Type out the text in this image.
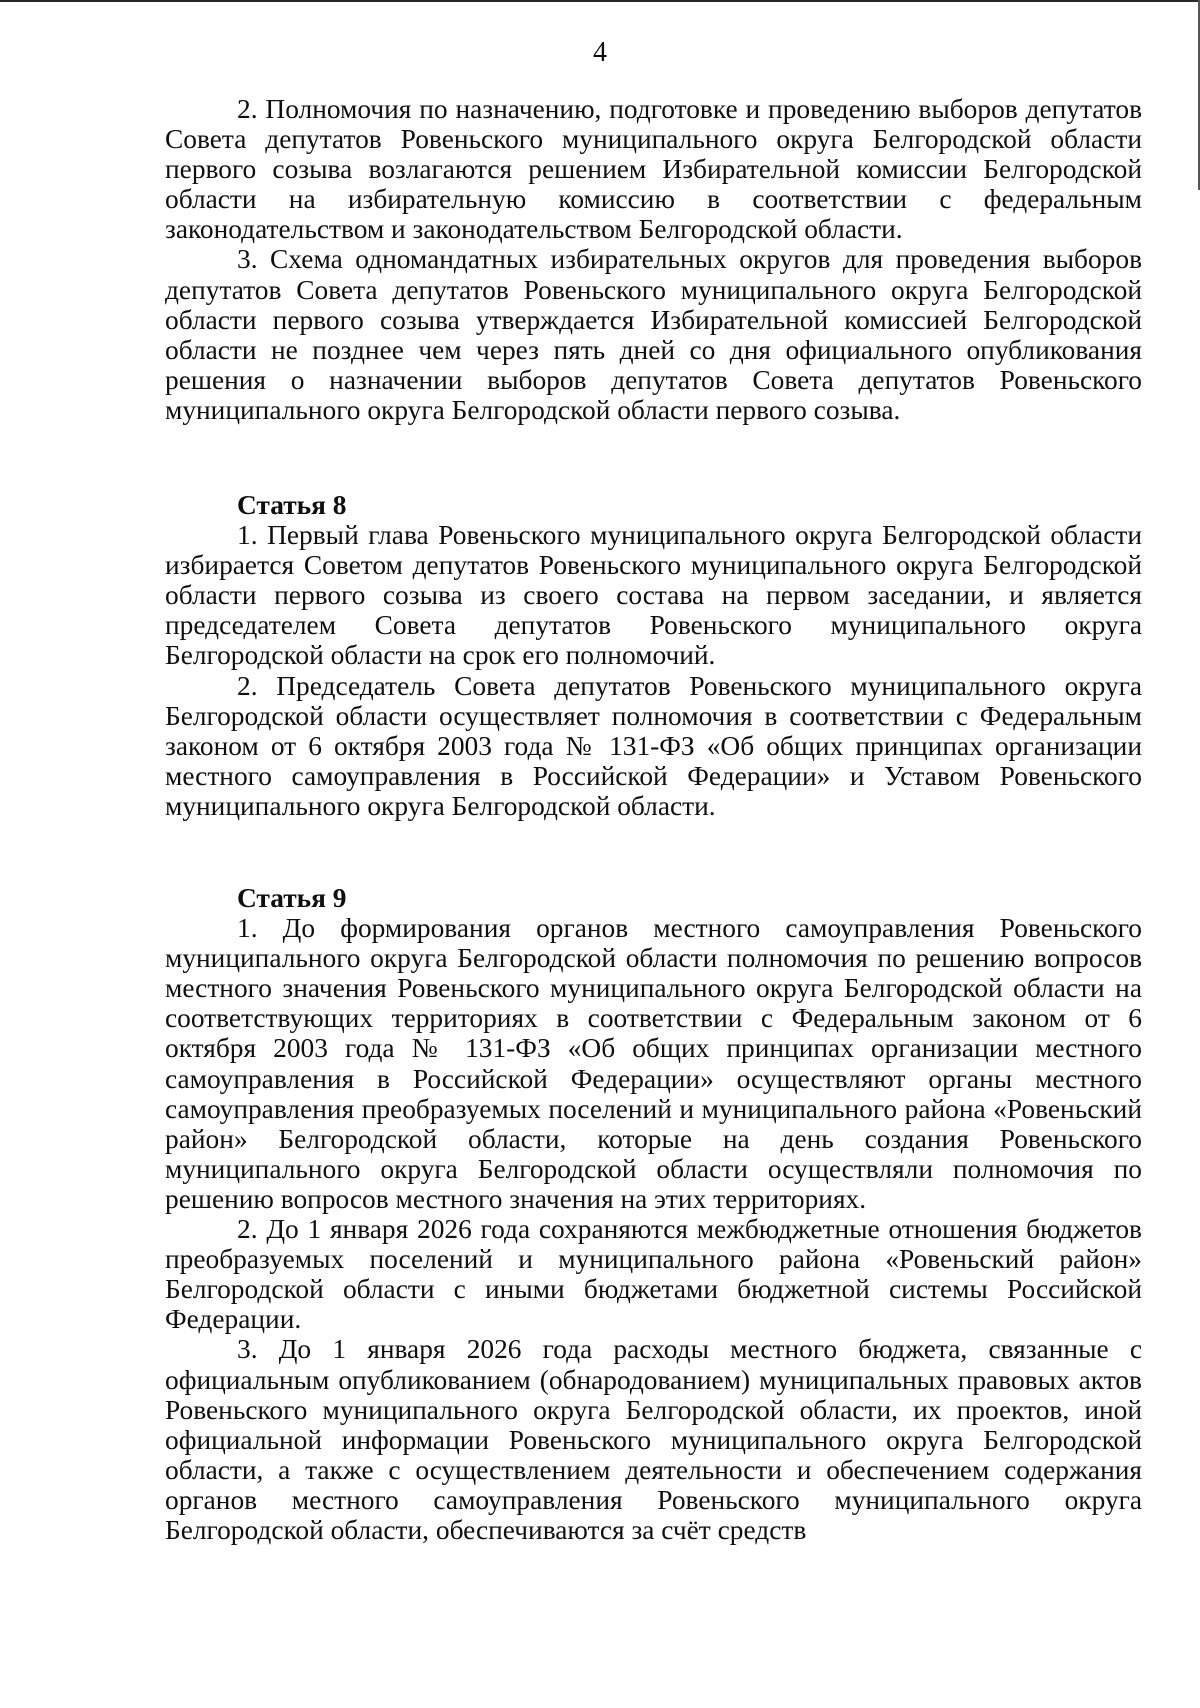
4

2. Полномочия по назначению, подготовке и проведению выборов депутатов Совета депутатов Ровеньского муниципального округа Белгородской области первого созыва возлагаются решением Избирательной комиссии Белгородской области на избирательную комиссию в соответствии с федеральным законодательством и законодательством Белгородской области.

3. Схема одномандатных избирательных округов для проведения выборов депутатов Совета депутатов Ровеньского муниципального округа Белгородской области первого созыва утверждается Избирательной комиссией Белгородской области не позднее чем через пять дней со дня официального опубликования решения о назначении выборов депутатов Совета депутатов Ровеньского муниципального округа Белгородской области первого созыва.

Статья 8

1. Первый глава Ровеньского муниципального округа Белгородской области избирается Советом депутатов Ровеньского муниципального округа Белгородской области первого созыва из своего состава на первом заседании, и является председателем Совета депутатов Ровеньского муниципального округа Белгородской области на срок его полномочий.

2. Председатель Совета депутатов Ровеньского муниципального округа Белгородской области осуществляет полномочия в соответствии с Федеральным законом от 6 октября 2003 года № 131-ФЗ «Об общих принципах организации местного самоуправления в Российской Федерации» и Уставом Ровеньского муниципального округа Белгородской области.

Статья 9

1. До формирования органов местного самоуправления Ровеньского муниципального округа Белгородской области полномочия по решению вопросов местного значения Ровеньского муниципального округа Белгородской области на соответствующих территориях в соответствии с Федеральным законом от 6 октября 2003 года № 131-ФЗ «Об общих принципах организации местного самоуправления в Российской Федерации» осуществляют органы местного самоуправления преобразуемых поселений и муниципального района «Ровеньский район» Белгородской области, которые на день создания Ровеньского муниципального округа Белгородской области осуществляли полномочия по решению вопросов местного значения на этих территориях.

2. До 1 января 2026 года сохраняются межбюджетные отношения бюджетов преобразуемых поселений и муниципального района «Ровеньский район» Белгородской области с иными бюджетами бюджетной системы Российской Федерации.

3. До 1 января 2026 года расходы местного бюджета, связанные с официальным опубликованием (обнародованием) муниципальных правовых актов Ровеньского муниципального округа Белгородской области, их проектов, иной официальной информации Ровеньского муниципального округа Белгородской области, а также с осуществлением деятельности и обеспечением содержания органов местного самоуправления Ровеньского муниципального округа Белгородской области, обеспечиваются за счёт средств
